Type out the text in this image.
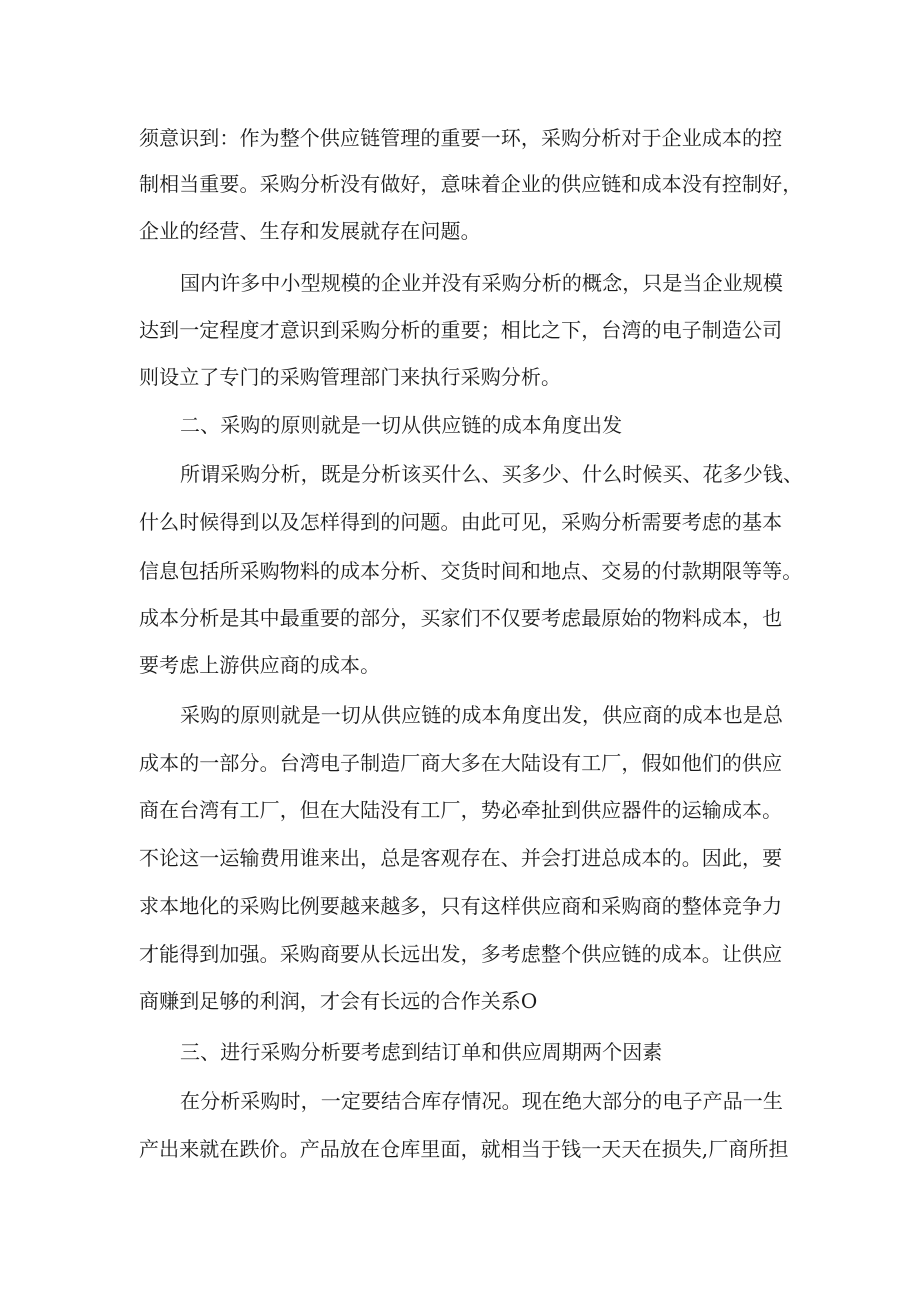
须意识到：作为整个供应链管理的重要一环，采购分析对于企业成本的控
制相当重要。采购分析没有做好，意味着企业的供应链和成本没有控制好，
企业的经营、生存和发展就存在问题。
国内许多中小型规模的企业并没有采购分析的概念，只是当企业规模
达到一定程度才意识到采购分析的重要；相比之下，台湾的电子制造公司
则设立了专门的采购管理部门来执行采购分析。
二、采购的原则就是一切从供应链的成本角度出发
所谓采购分析，既是分析该买什么、买多少、什么时候买、花多少钱、
什么时候得到以及怎样得到的问题。由此可见，采购分析需要考虑的基本
信息包括所采购物料的成本分析、交货时间和地点、交易的付款期限等等。
成本分析是其中最重要的部分，买家们不仅要考虑最原始的物料成本，也
要考虑上游供应商的成本。
采购的原则就是一切从供应链的成本角度出发，供应商的成本也是总
成本的一部分。台湾电子制造厂商大多在大陆设有工厂，假如他们的供应
商在台湾有工厂，但在大陆没有工厂，势必牵扯到供应器件的运输成本。
不论这一运输费用谁来出，总是客观存在、并会打进总成本的。因此，要
求本地化的采购比例要越来越多，只有这样供应商和采购商的整体竞争力
才能得到加强。采购商要从长远出发，多考虑整个供应链的成本。让供应
商赚到足够的利润，才会有长远的合作关系O
三、进行采购分析要考虑到结订单和供应周期两个因素
在分析采购时，一定要结合库存情况。现在绝大部分的电子产品一生
产出来就在跌价。产品放在仓库里面，就相当于钱一天天在损失,厂商所担
